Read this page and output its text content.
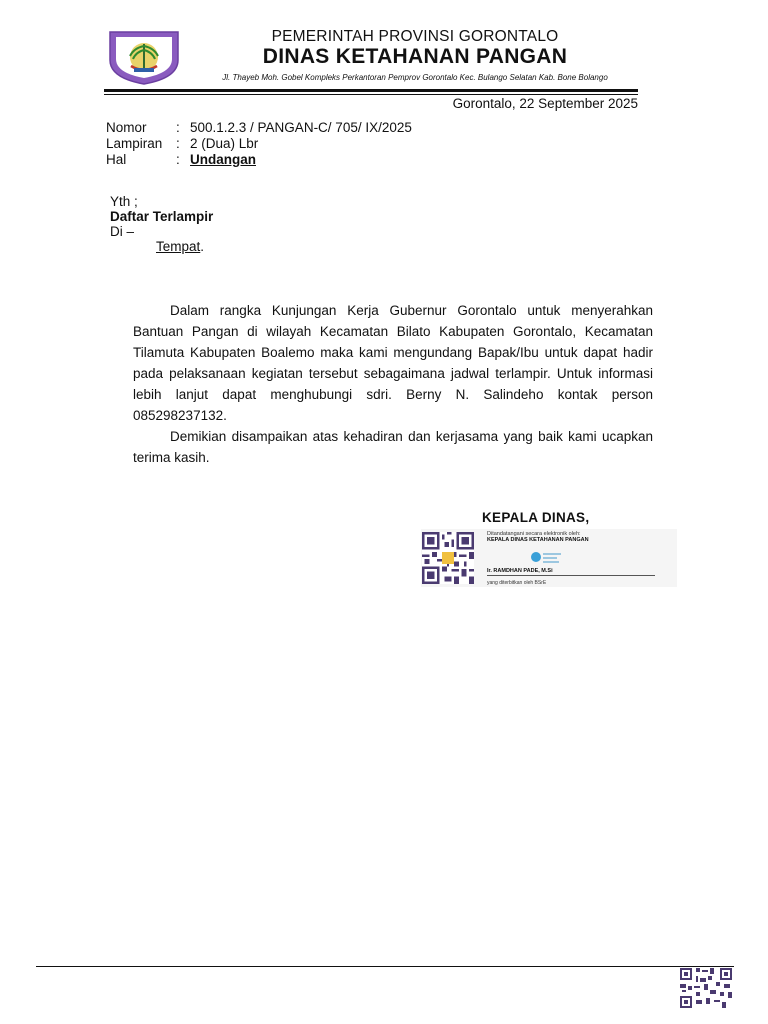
PEMERINTAH PROVINSI GORONTALO
DINAS KETAHANAN PANGAN
Jl. Thayeb Moh. Gobel Kompleks Perkantoran Pemprov Gorontalo Kec. Bulango Selatan Kab. Bone Bolango
Gorontalo, 22 September 2025
Nomor : 500.1.2.3 / PANGAN-C/ 705/ IX/2025
Lampiran : 2 (Dua) Lbr
Hal	: Undangan
Yth ;
Daftar Terlampir
Di –
Tempat.
Dalam rangka Kunjungan Kerja Gubernur Gorontalo untuk menyerahkan Bantuan Pangan di wilayah Kecamatan Bilato Kabupaten Gorontalo, Kecamatan Tilamuta Kabupaten Boalemo maka kami mengundang Bapak/Ibu untuk dapat hadir pada pelaksanaan kegiatan tersebut sebagaimana jadwal terlampir. Untuk informasi lebih lanjut dapat menghubungi sdri. Berny N. Salindeho kontak person 085298237132.
Demikian disampaikan atas kehadiran dan kerjasama yang baik kami ucapkan terima kasih.
KEPALA DINAS,
Ditandatangani secara elektronik oleh:
KEPALA DINAS KETAHANAN PANGAN
Ir. RAMDHAN PADE, M.Si
yang diterbitkan oleh BSrE
